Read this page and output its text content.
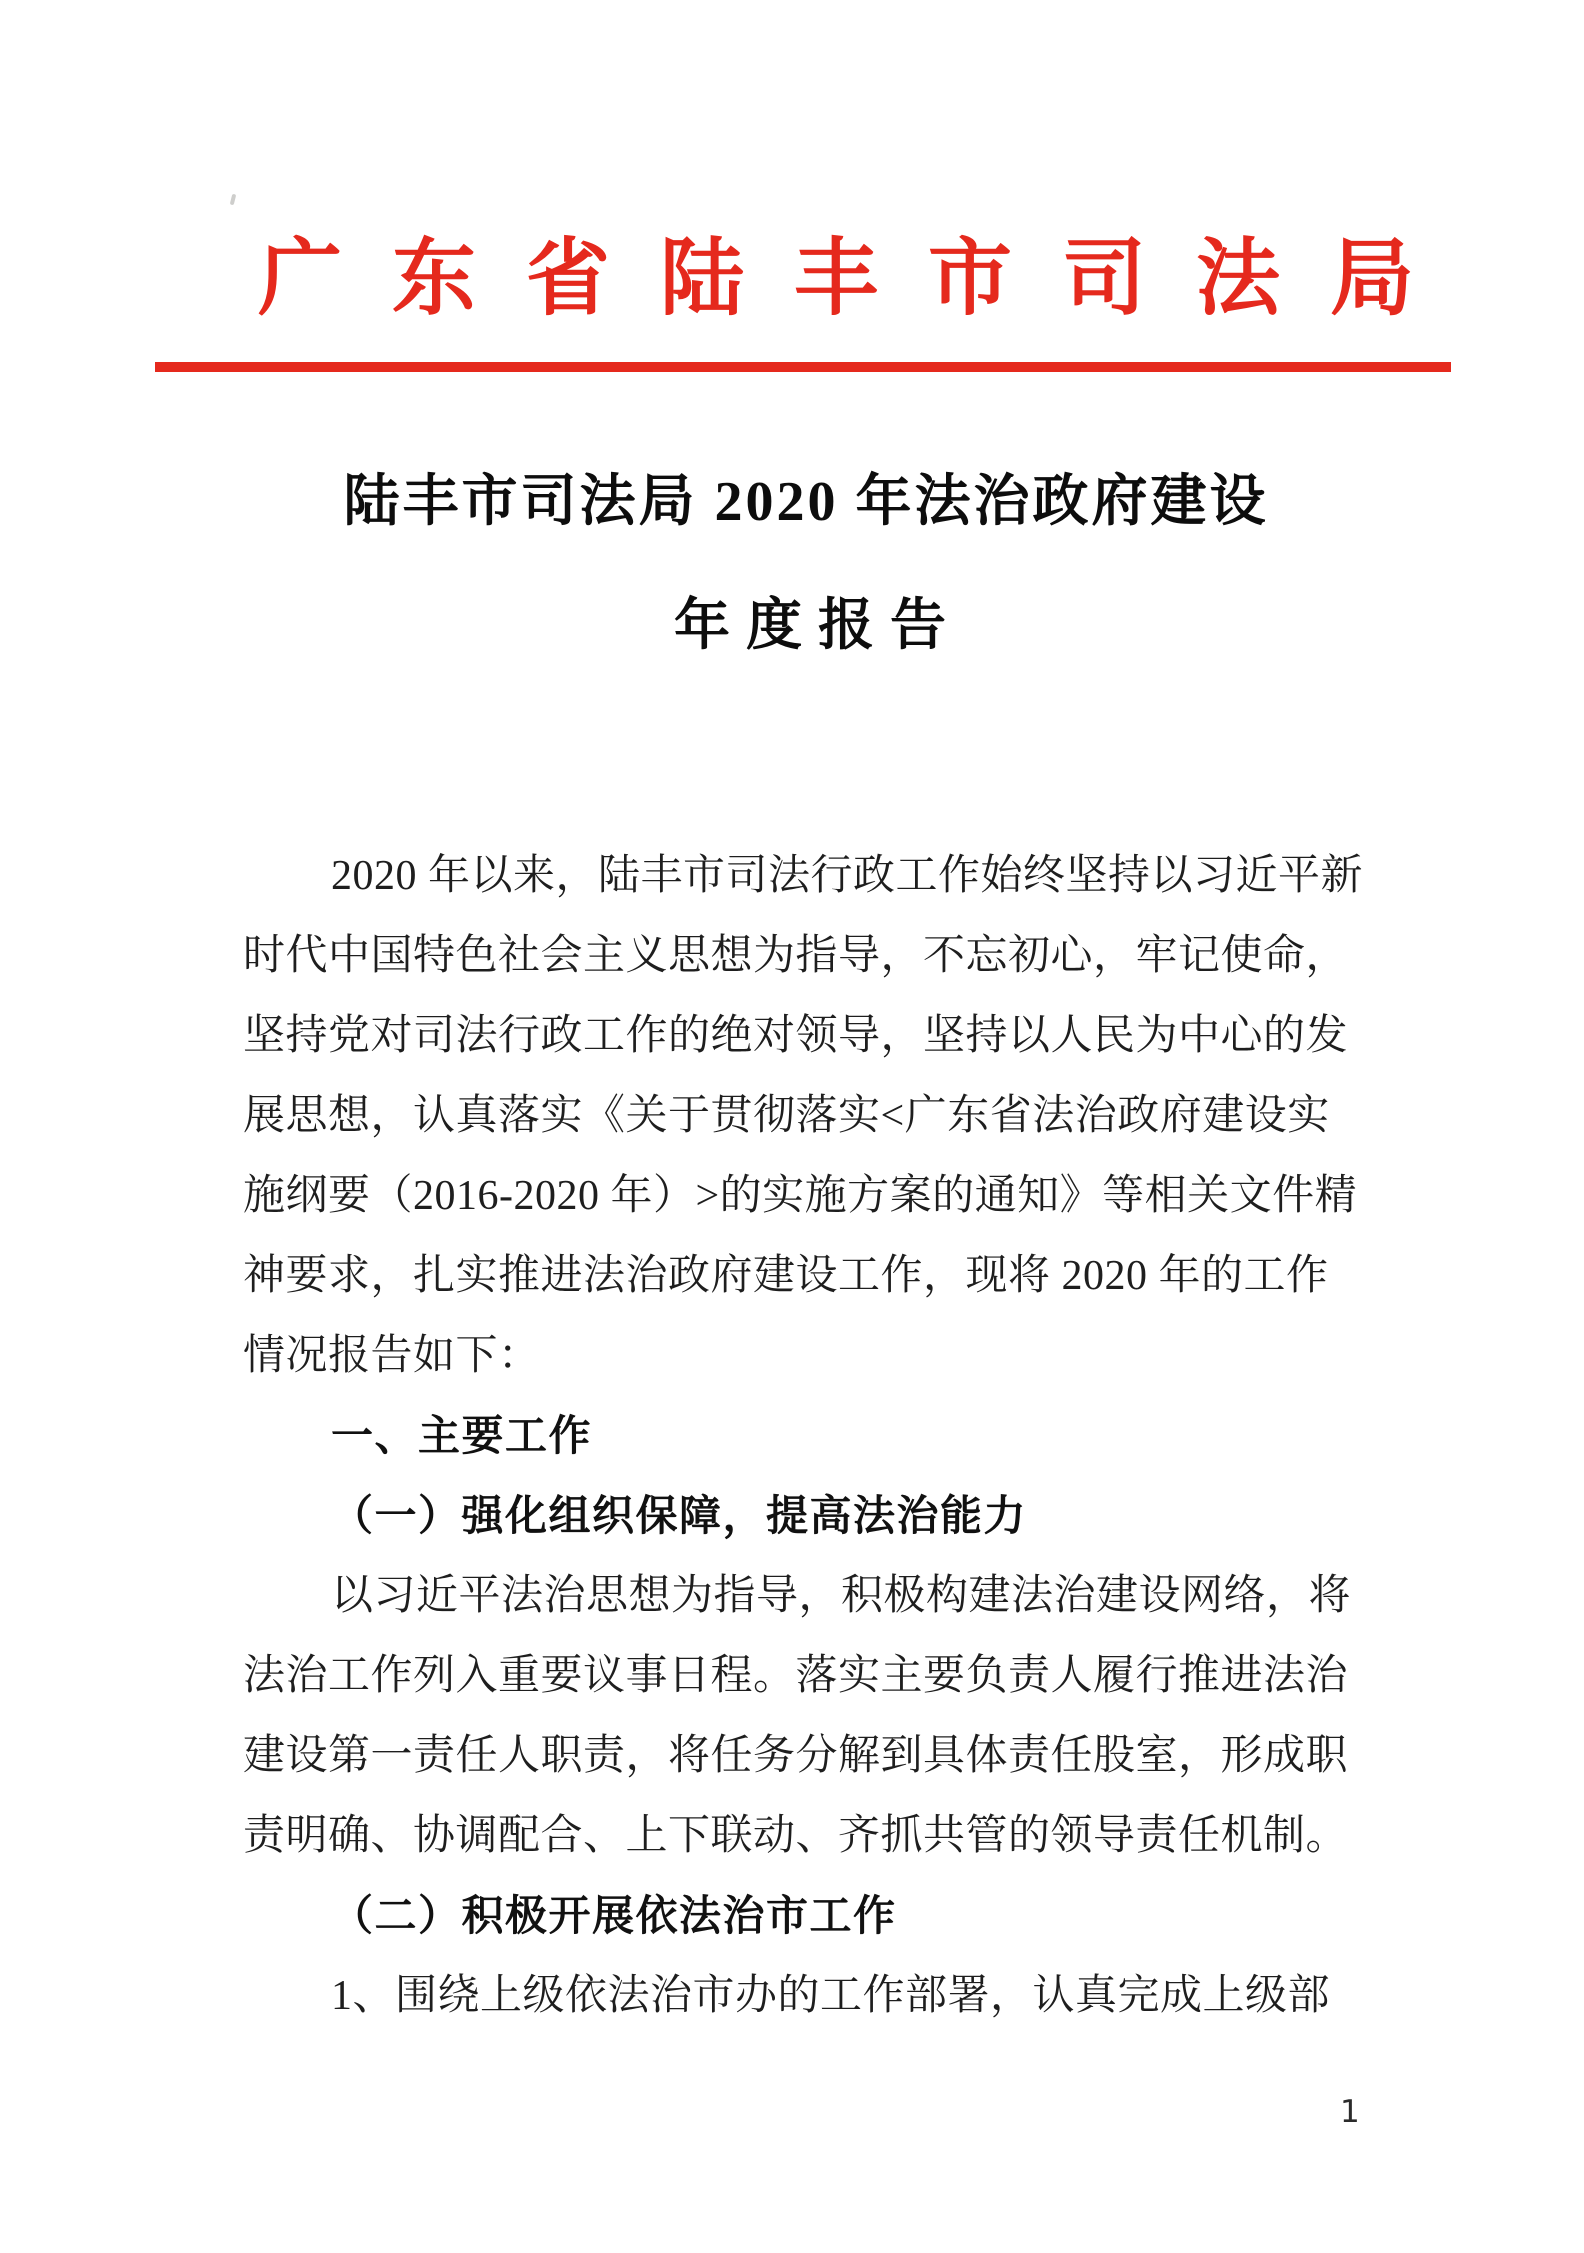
广东省陆丰市司法局
陆丰市司法局 2020 年法治政府建设
年度报告
2020 年以来，陆丰市司法行政工作始终坚持以习近平新
时代中国特色社会主义思想为指导，不忘初心，牢记使命，
坚持党对司法行政工作的绝对领导，坚持以人民为中心的发
展思想，认真落实《关于贯彻落实<广东省法治政府建设实
施纲要（2016-2020 年）>的实施方案的通知》等相关文件精
神要求，扎实推进法治政府建设工作，现将 2020 年的工作
情况报告如下：
一、主要工作
（一）强化组织保障，提高法治能力
以习近平法治思想为指导，积极构建法治建设网络，将
法治工作列入重要议事日程。落实主要负责人履行推进法治
建设第一责任人职责，将任务分解到具体责任股室，形成职
责明确、协调配合、上下联动、齐抓共管的领导责任机制。
（二）积极开展依法治市工作
1、围绕上级依法治市办的工作部署，认真完成上级部
1
